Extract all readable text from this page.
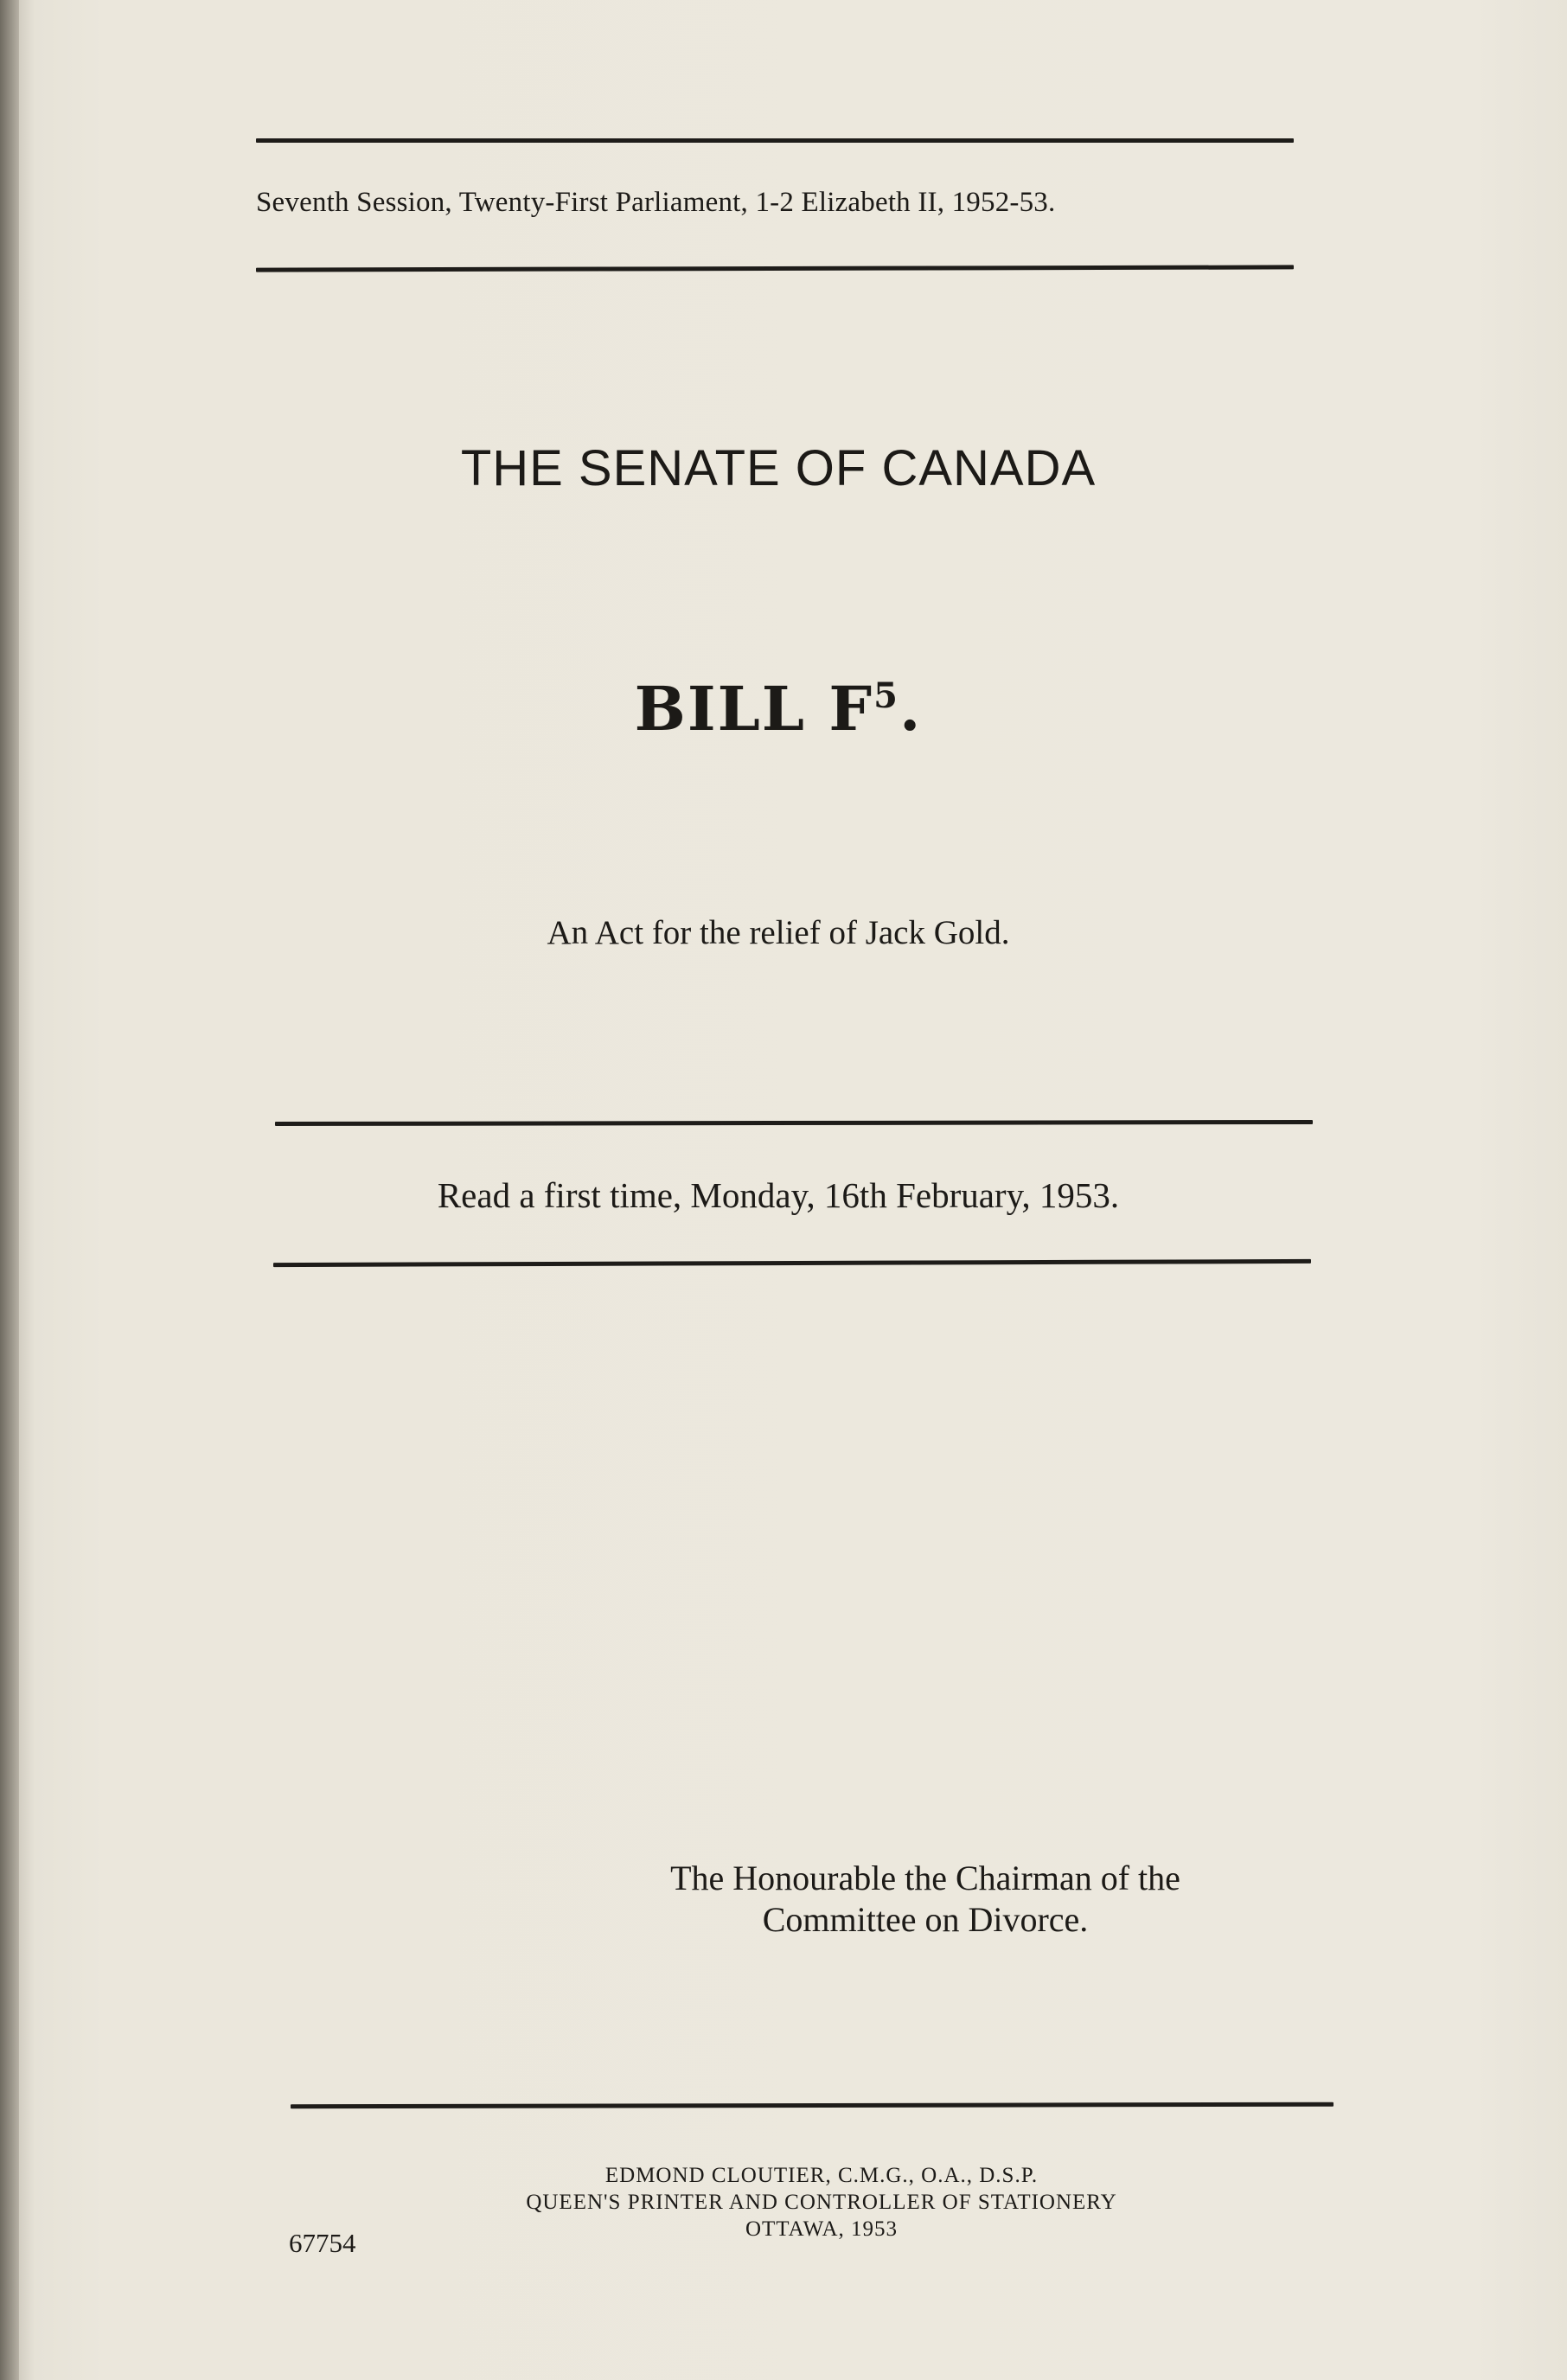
Seventh Session, Twenty-First Parliament, 1-2 Elizabeth II, 1952-53.
THE SENATE OF CANADA
BILL $F^5$.
An Act for the relief of Jack Gold.
Read a first time, Monday, 16th February, 1953.
The Honourable the Chairman of the
Committee on Divorce.
EDMOND CLOUTIER, C.M.G., O.A., D.S.P.
QUEEN'S PRINTER AND CONTROLLER OF STATIONERY
OTTAWA, 1953
67754
